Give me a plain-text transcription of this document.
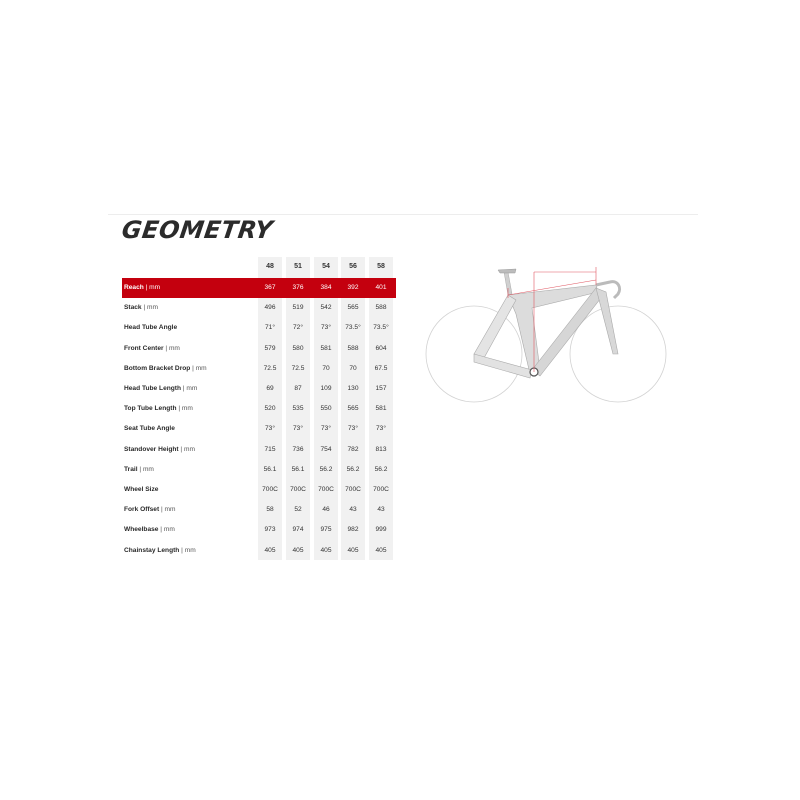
GEOMETRY
48	51	54	56	58
Reach | mm	367	376	384	392	401
Stack | mm	496	519	542	565	588
Head Tube Angle	71°	72°	73°	73.5°	73.5°
Front Center | mm	579	580	581	588	604
Bottom Bracket Drop | mm	72.5	72.5	70	70	67.5
Head Tube Length | mm	69	87	109	130	157
Top Tube Length | mm	520	535	550	565	581
Seat Tube Angle	73°	73°	73°	73°	73°
Standover Height | mm	715	736	754	782	813
Trail | mm	56.1	56.1	56.2	56.2	56.2
Wheel Size	700C	700C	700C	700C	700C
Fork Offset | mm	58	52	46	43	43
Wheelbase | mm	973	974	975	982	999
Chainstay Length | mm	405	405	405	405	405
